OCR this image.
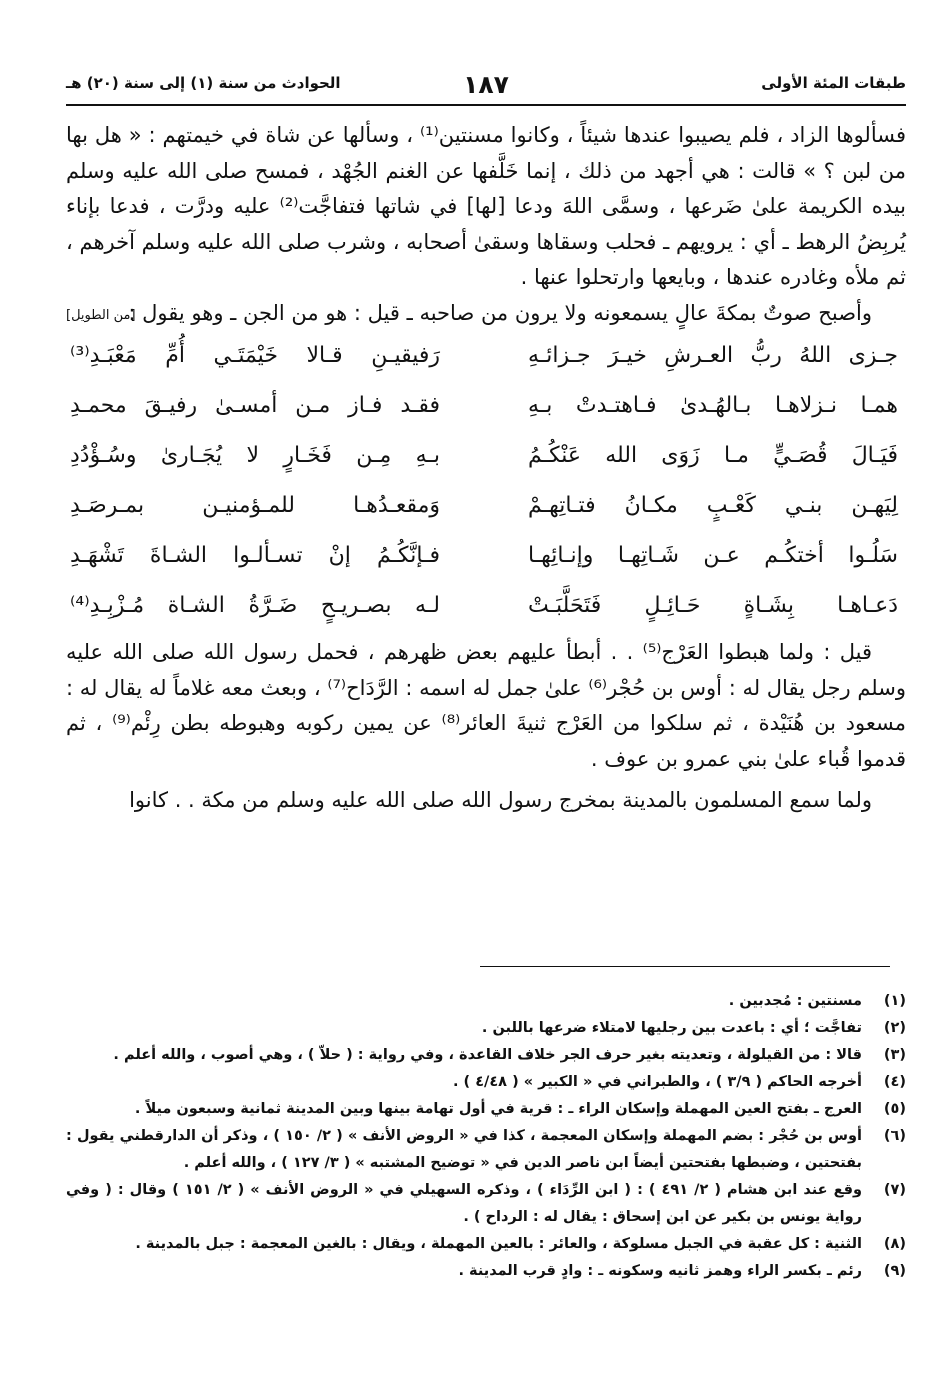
طبقات المئة الأولى
١٨٧
الحوادث من سنة (١) إلى سنة (٢٠) هـ

فسألوها الزاد ، فلم يصيبوا عندها شيئاً ، وكانوا مسنتين⁽¹⁾ ، وسألها عن شاة في خيمتهم : « هل بها من لبن ؟ » قالت : هي أجهد من ذلك ، إنما خَلَّفها عن الغنم الجُهْد ، فمسح صلى الله عليه وسلم بيده الكريمة علىٰ ضَرعها ، وسمَّى اللهَ ودعا [لها] في شاتها فتفاجَّت⁽²⁾ عليه ودرَّت ، فدعا بإناء يُربِضُ الرهط ـ أي : يرويهم ـ فحلب وسقاها وسقىٰ أصحابه ، وشرب صلى الله عليه وسلم آخرهم ، ثم ملأه وغادره عندها ، وبايعها وارتحلوا عنها .

وأصبح صوتٌ بمكةَ عالٍ يسمعونه ولا يرون من صاحبه ـ قيل : هو من الجن ـ وهو يقول :

[من الطويل]
جـزى اللهُ ربُّ العـرشِ خيـرَ جـزائـهِ
رَفيقيـنِ قـالا خَيْمَتَـي أُمِّ مَعْبَـدِ⁽³⁾
همـا نـزلاهـا بـالهُـدىٰ فـاهتـدتْ بـهِ
فقـد فـاز مـن أمسـىٰ رفيـقَ محمـدِ
فَيَـالَ قُصَـيٍّ مـا زَوَى الله عَنْكُـمُ
بـهِ مِـن فَخَـارٍ لا يُجَـارىٰ وسُـؤْدُدِ
لِيَهـن بنـي كَعْـبٍ مكـانُ فتـاتِهـمْ
وَمقعـدُهـا للمـؤمنيـن بمـرصَـدِ
سَلُـوا أختكُـم عـن شَـاتِهـا وإنـائِهـا
فـإنَّكُـمُ إنْ تسـألـوا الشـاةَ تَشْهَـدِ
دَعـاهـا بِشَـاةٍ حَـائِـلٍ فَتَحَلَّبَـتْ
لـه بصـريـحٍ ضَـرَّةُ الشـاة مُـزْبِـدِ⁽⁴⁾

قيل : ولما هبطوا العَرْج⁽⁵⁾ . . أبطأ عليهم بعض ظهرهم ، فحمل رسول الله صلى الله عليه وسلم رجل يقال له : أوس بن حُجْر⁽⁶⁾ علىٰ جمل له اسمه : الرَّدَاح⁽⁷⁾ ، وبعث معه غلاماً له يقال له : مسعود بن هُنَيْدة ، ثم سلكوا من العَرْج ثنيةَ العائر⁽⁸⁾ عن يمين ركوبه وهبوطه بطن رِئْم⁽⁹⁾ ، ثم قدموا قُباء علىٰ بني عمرو بن عوف .

ولما سمع المسلمون بالمدينة بمخرج رسول الله صلى الله عليه وسلم من مكة . . كانوا

(١)
مسنتين : مُجدبين .
(٢)
تفاجَّت ؛ أي : باعدت بين رجليها لامتلاء ضرعها باللبن .
(٣)
قالا : من القيلولة ، وتعديته بغير حرف الجر خلاف القاعدة ، وفي رواية : ( حلاّ ) ، وهي أصوب ، والله أعلم .
(٤)
أخرجه الحاكم ( ٣/٩ ) ، والطبراني في « الكبير » ( ٤/٤٨ ) .
(٥)
العرج ـ بفتح العين المهملة وإسكان الراء ـ : قرية في أول تهامة بينها وبين المدينة ثمانية وسبعون ميلاً .
(٦)
أوس بن حُجْر : بضم المهملة وإسكان المعجمة ، كذا في « الروض الأنف » ( ٢/ ١٥٠ ) ، وذكر أن الدارقطني يقول : بفتحتين ، وضبطها بفتحتين أيضاً ابن ناصر الدين في « توضيح المشتبه » ( ٣/ ١٢٧ ) ، والله أعلم .
(٧)
وقع عند ابن هشام ( ٢/ ٤٩١ ) : ( ابن الرِّدَاء ) ، وذكره السهيلي في « الروض الأنف » ( ٢/ ١٥١ ) وقال : ( وفي رواية يونس بن بكير عن ابن إسحاق : يقال له : الرداح ) .
(٨)
الثنية : كل عقبة في الجبل مسلوكة ، والعائر : بالعين المهملة ، ويقال : بالغين المعجمة : جبل بالمدينة .
(٩)
رئم ـ بكسر الراء وهمز ثانيه وسكونه ـ : وادٍ قرب المدينة .
